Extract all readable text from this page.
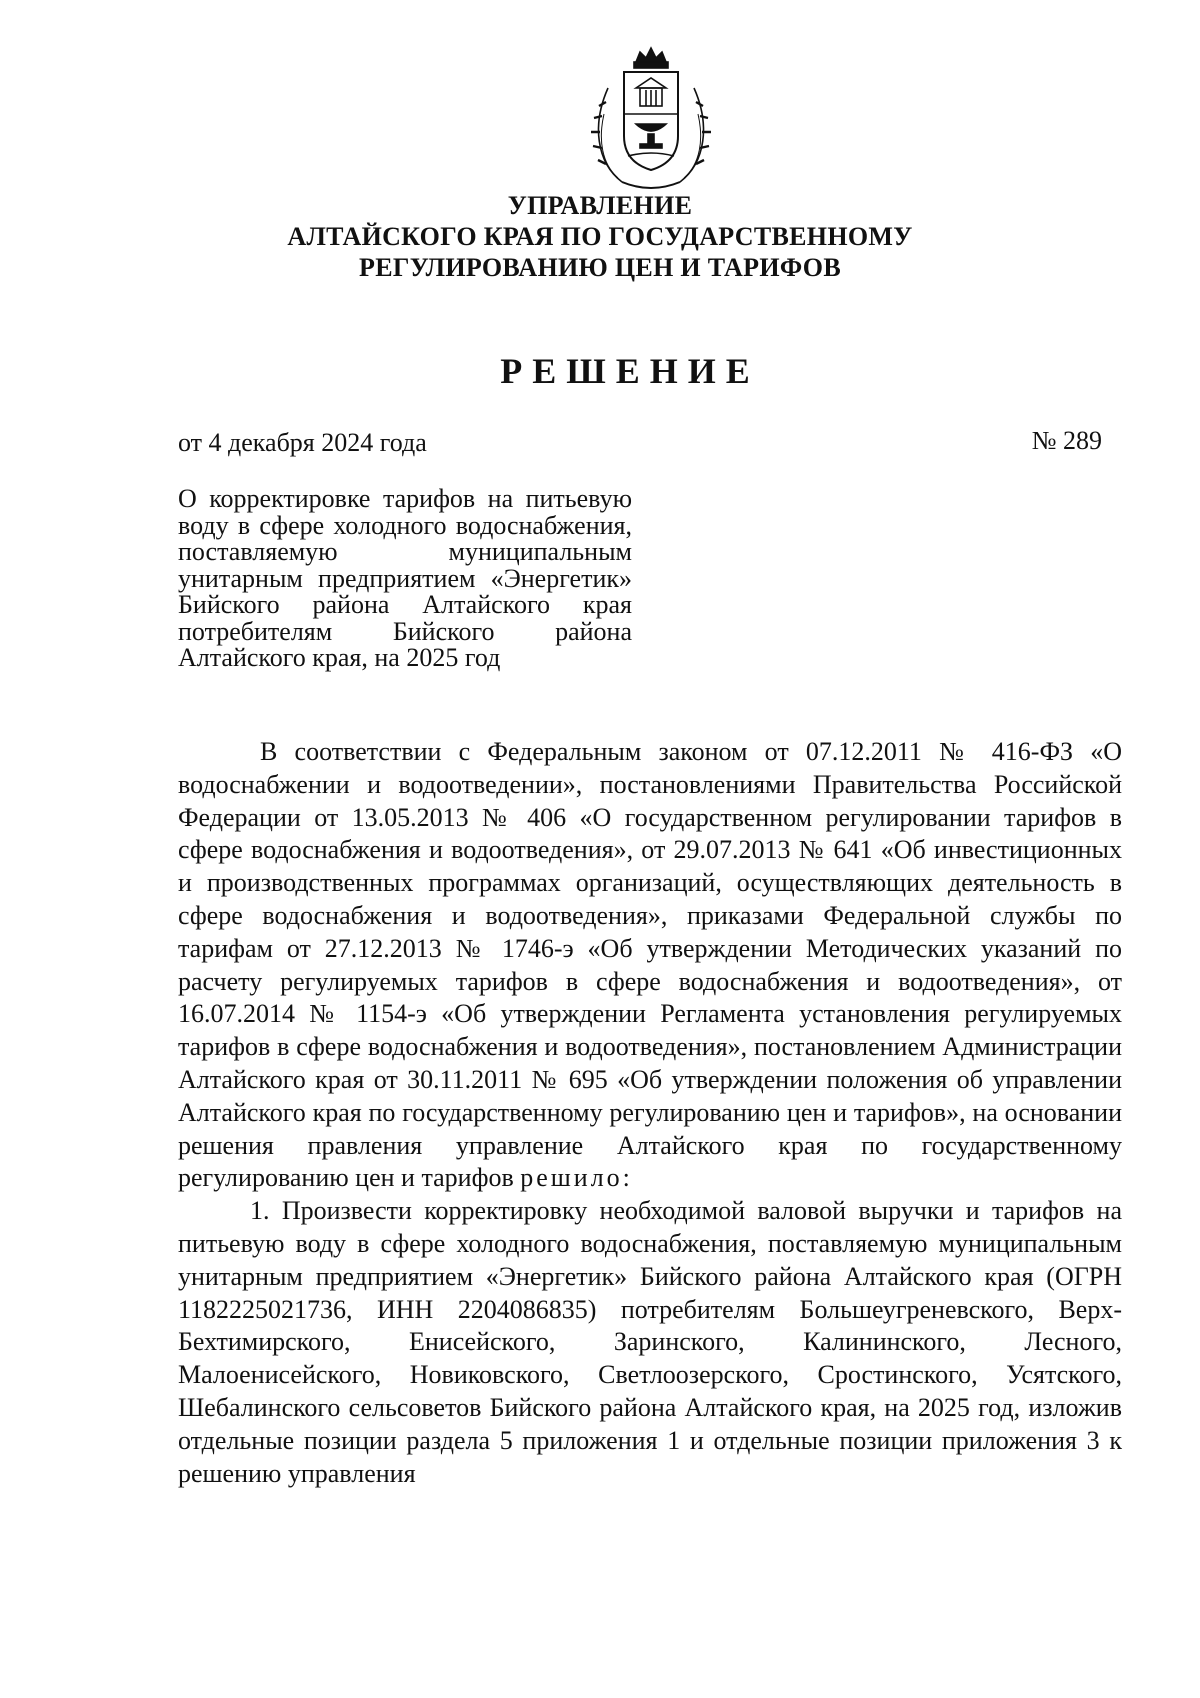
УПРАВЛЕНИЕ
АЛТАЙСКОГО КРАЯ ПО ГОСУДАРСТВЕННОМУ
РЕГУЛИРОВАНИЮ ЦЕН И ТАРИФОВ
РЕШЕНИЕ
от 4 декабря 2024 года	№ 289
О корректировке тарифов на питьевую воду в сфере холодного водоснабжения, поставляемую муниципальным унитарным предприятием «Энергетик» Бийского района Алтайского края потребителям Бийского района Алтайского края, на 2025 год

В соответствии с Федеральным законом от 07.12.2011 № 416-ФЗ «О водоснабжении и водоотведении», постановлениями Правительства Российской Федерации от 13.05.2013 № 406 «О государственном регулировании тарифов в сфере водоснабжения и водоотведения», от 29.07.2013 № 641 «Об инвестиционных и производственных программах организаций, осуществляющих деятельность в сфере водоснабжения и водоотведения», приказами Федеральной службы по тарифам от 27.12.2013 № 1746-э «Об утверждении Методических указаний по расчету регулируемых тарифов в сфере водоснабжения и водоотведения», от 16.07.2014 № 1154-э «Об утверждении Регламента установления регулируемых тарифов в сфере водоснабжения и водоотведения», постановлением Администрации Алтайского края от 30.11.2011 № 695 «Об утверждении положения об управлении Алтайского края по государственному регулированию цен и тарифов», на основании решения правления управление Алтайского края по государственному регулированию цен и тарифов решило:

1. Произвести корректировку необходимой валовой выручки и тарифов на питьевую воду в сфере холодного водоснабжения, поставляемую муниципальным унитарным предприятием «Энергетик» Бийского района Алтайского края (ОГРН 1182225021736, ИНН 2204086835) потребителям Большеугреневского, Верх-Бехтимирского, Енисейского, Заринского, Калининского, Лесного, Малоенисейского, Новиковского, Светлоозерского, Сростинского, Усятского, Шебалинского сельсоветов Бийского района Алтайского края, на 2025 год, изложив отдельные позиции раздела 5 приложения 1 и отдельные позиции приложения 3 к решению управления
